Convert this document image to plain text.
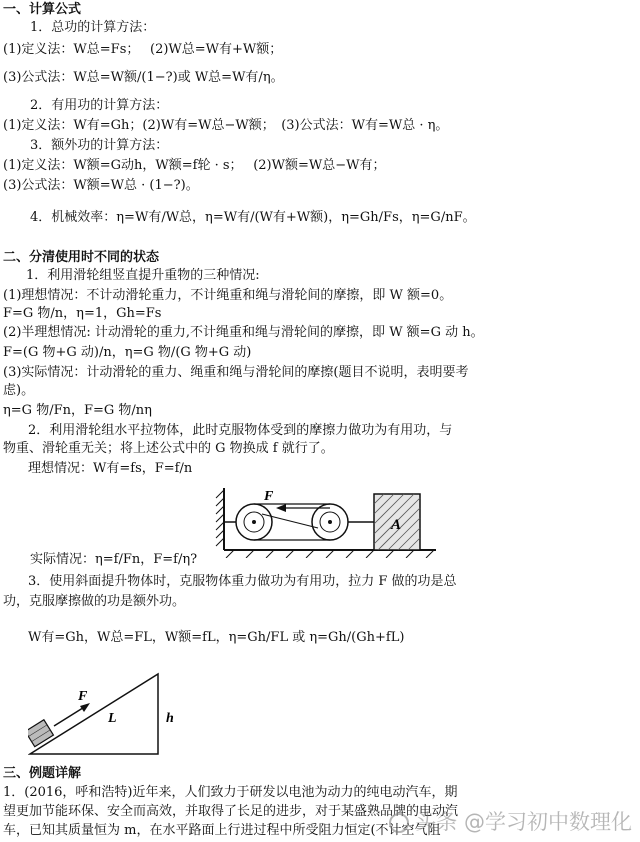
一、计算公式
1．总功的计算方法：
(1)定义法：W总=Fs；　 (2)W总=W有+W额；
(3)公式法：W总=W额/(1−?)或 W总=W有/η。
2．有用功的计算方法：
(1)定义法：W有=Gh；(2)W有=W总−W额；　(3)公式法：W有=W总 · η。
3．额外功的计算方法：
(1)定义法：W额=G动h，W额=f轮 · s；　 (2)W额=W总−W有；
(3)公式法：W额=W总 · (1−?)。
4．机械效率：η=W有/W总，η=W有/(W有+W额)，η=Gh/Fs，η=G/nF。
二、分清使用时不同的状态
1．利用滑轮组竖直提升重物的三种情况:
(1)理想情况：不计动滑轮重力，不计绳重和绳与滑轮间的摩擦，即 W 额=0。
F=G 物/n，η=1，Gh=Fs
(2)半理想情况: 计动滑轮的重力,不计绳重和绳与滑轮间的摩擦，即 W 额=G 动 h。
F=(G 物+G 动)/n，η=G 物/(G 物+G 动)
(3)实际情况：计动滑轮的重力、绳重和绳与滑轮间的摩擦(题目不说明，表明要考
虑)。
η=G 物/Fn，F=G 物/nη
2．利用滑轮组水平拉物体，此时克服物体受到的摩擦力做功为有用功，与
物重、滑轮重无关；将上述公式中的 G 物换成 f 就行了。
理想情况：W有=fs，F=f/n
F
A
实际情况：η=f/Fn，F=f/η?
3．使用斜面提升物体时，克服物体重力做功为有用功，拉力 F 做的功是总
功，克服摩擦做的功是额外功。
W有=Gh，W总=FL，W额=fL，η=Gh/FL 或 η=Gh/(Gh+fL)
F
L	h
三、例题详解
1．(2016，呼和浩特)近年来，人们致力于研发以电池为动力的纯电动汽车，期
望更加节能环保、安全而高效，并取得了长足的进步，对于某盛熟品牌的电动汽
车，已知其质量恒为 m，在水平路面上行进过程中所受阻力恒定(不计空气阻
头条 @学习初中数理化
